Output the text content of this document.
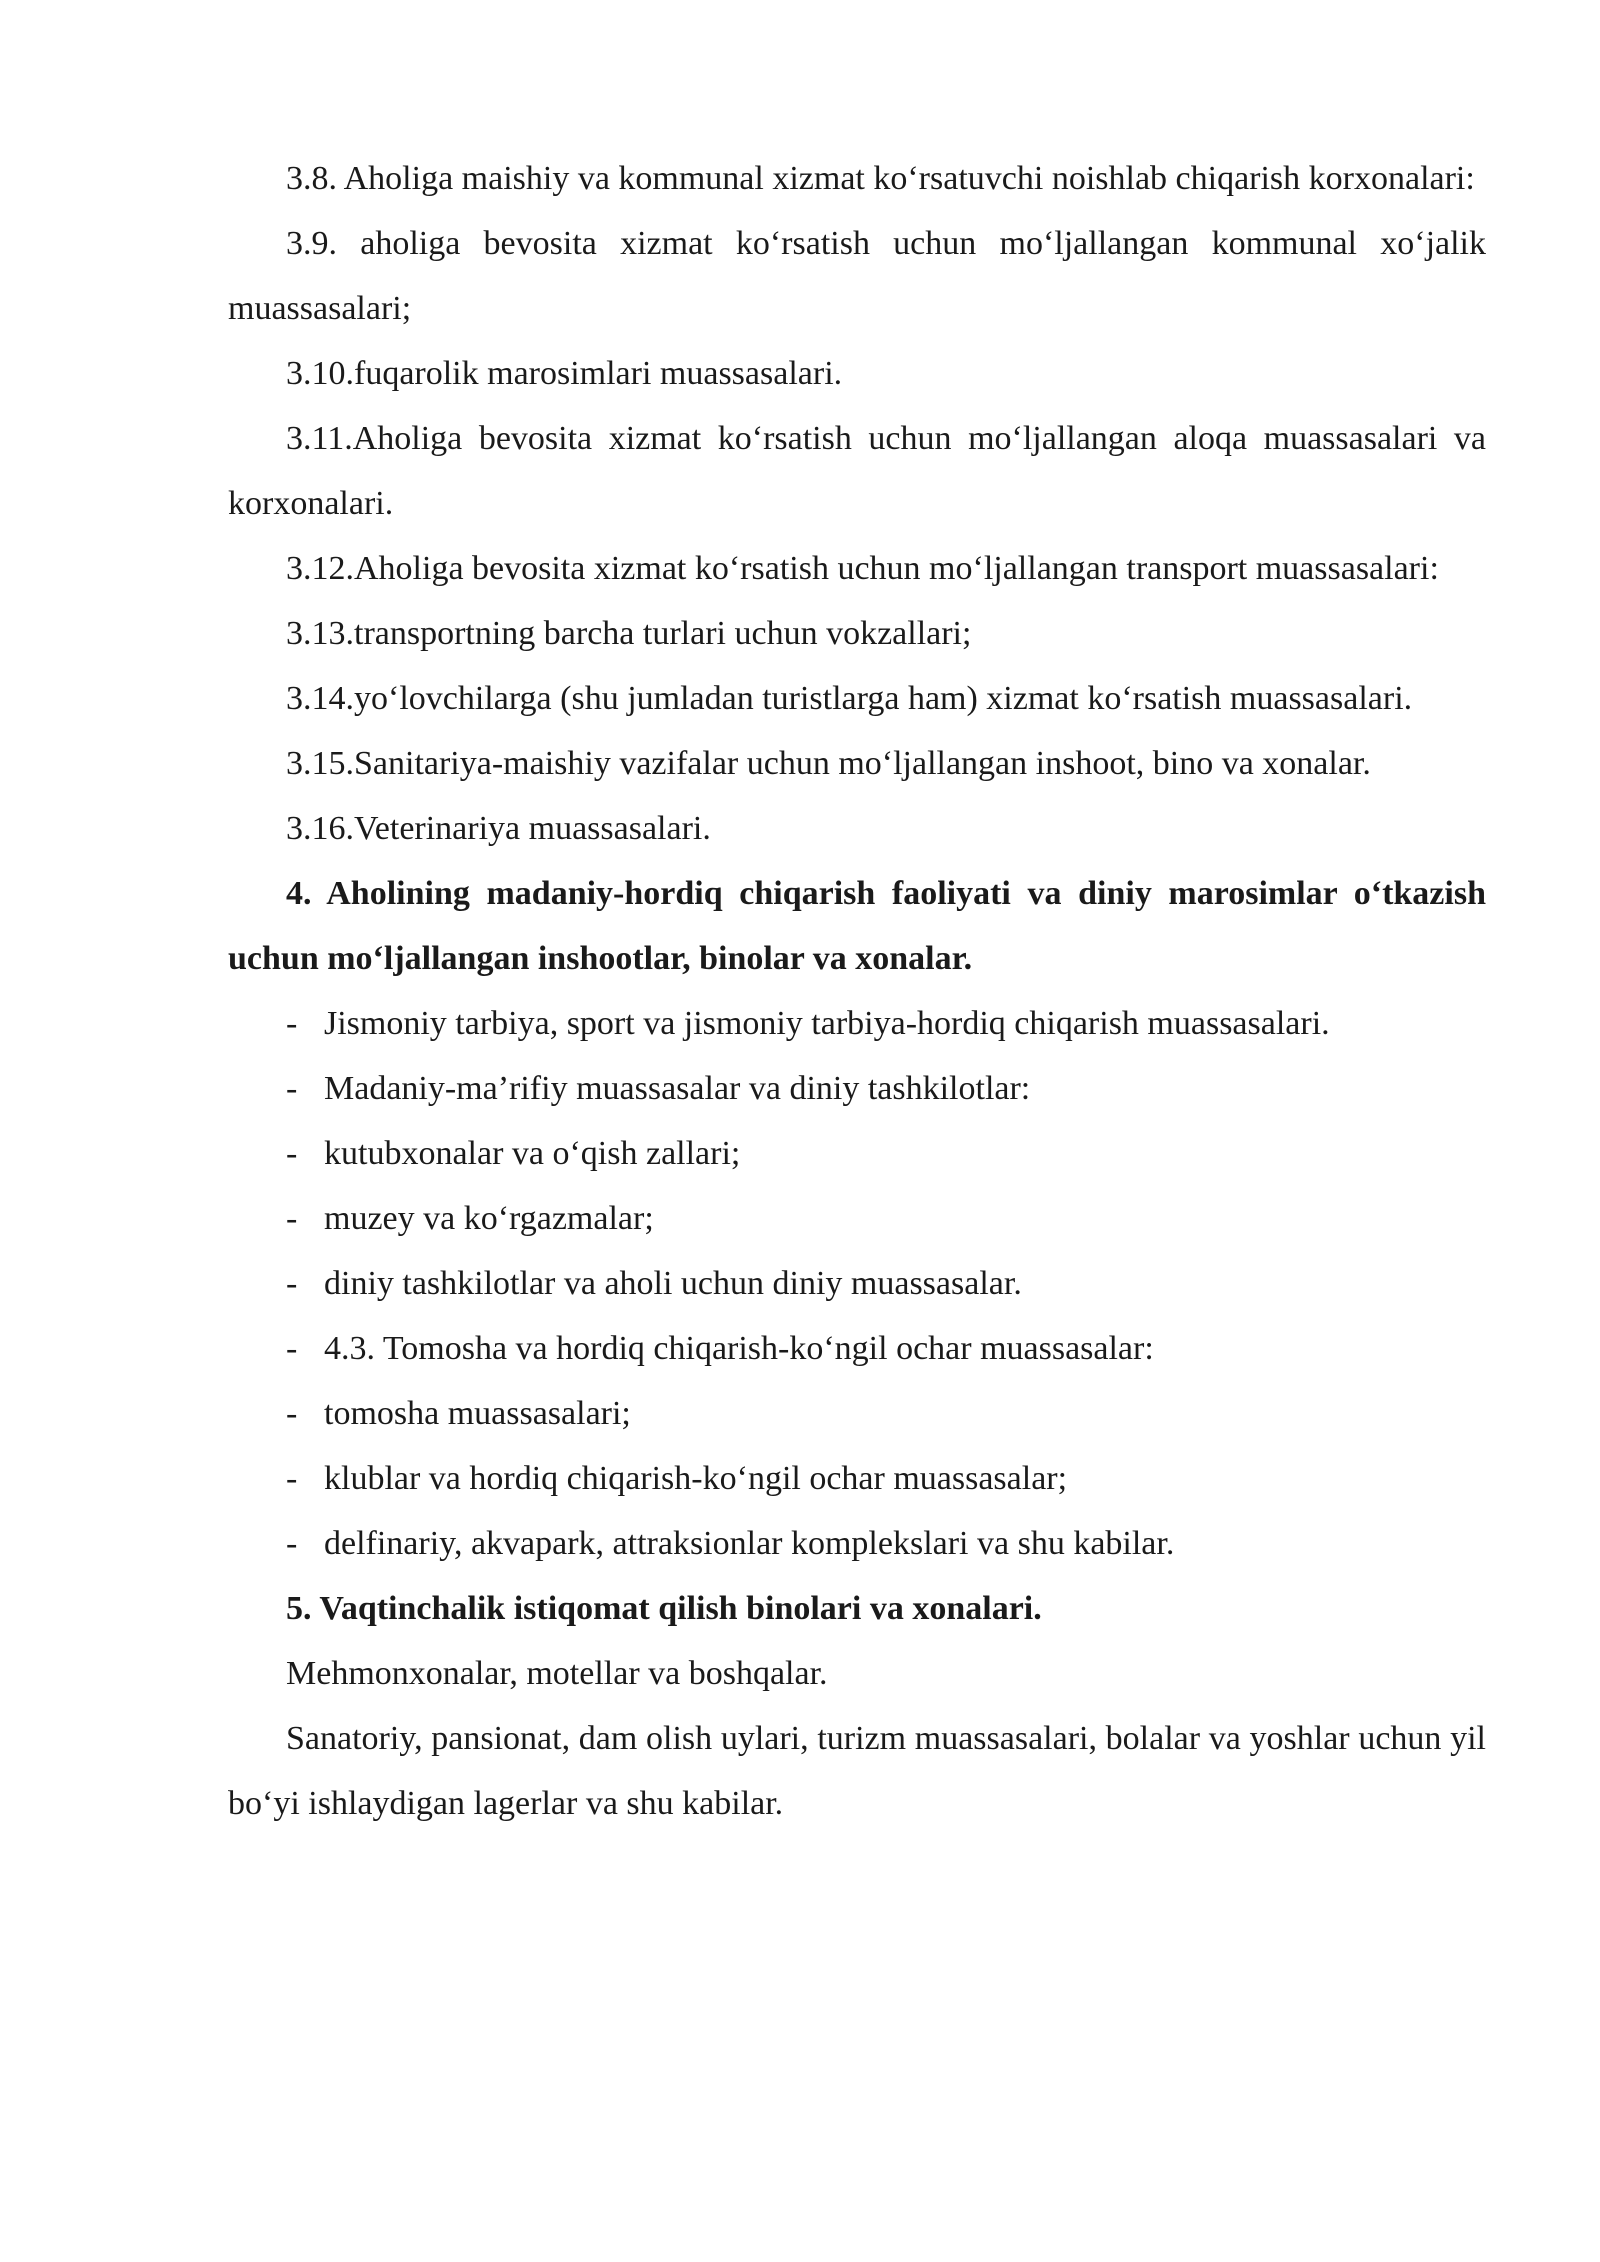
3.8. Aholiga maishiy va kommunal xizmat ko‘rsatuvchi noishlab chiqarish korxonalari:

3.9. aholiga bevosita xizmat ko‘rsatish uchun mo‘ljallangan kommunal xo‘jalik muassasalari;

3.10.fuqarolik marosimlari muassasalari.

3.11.Aholiga bevosita xizmat ko‘rsatish uchun mo‘ljallangan aloqa muassasalari va korxonalari.

3.12.Aholiga bevosita xizmat ko‘rsatish uchun mo‘ljallangan transport muassasalari:

3.13.transportning barcha turlari uchun vokzallari;

3.14.yo‘lovchilarga (shu jumladan turistlarga ham) xizmat ko‘rsatish muassasalari.

3.15.Sanitariya-maishiy vazifalar uchun mo‘ljallangan inshoot, bino va xonalar.

3.16.Veterinariya muassasalari.

4. Aholining madaniy-hordiq chiqarish faoliyati va diniy marosimlar o‘tkazish uchun mo‘ljallangan inshootlar, binolar va xonalar.

- Jismoniy tarbiya, sport va jismoniy tarbiya-hordiq chiqarish muassasalari.

- Madaniy-ma’rifiy muassasalar va diniy tashkilotlar:

- kutubxonalar va o‘qish zallari;

- muzey va ko‘rgazmalar;

- diniy tashkilotlar va aholi uchun diniy muassasalar.

- 4.3. Tomosha va hordiq chiqarish-ko‘ngil ochar muassasalar:

- tomosha muassasalari;

- klublar va hordiq chiqarish-ko‘ngil ochar muassasalar;

- delfinariy, akvapark, attraksionlar komplekslari va shu kabilar.

5. Vaqtinchalik istiqomat qilish binolari va xonalari.

Mehmonxonalar, motellar va boshqalar.

Sanatoriy, pansionat, dam olish uylari, turizm muassasalari, bolalar va yoshlar uchun yil bo‘yi ishlaydigan lagerlar va shu kabilar.
